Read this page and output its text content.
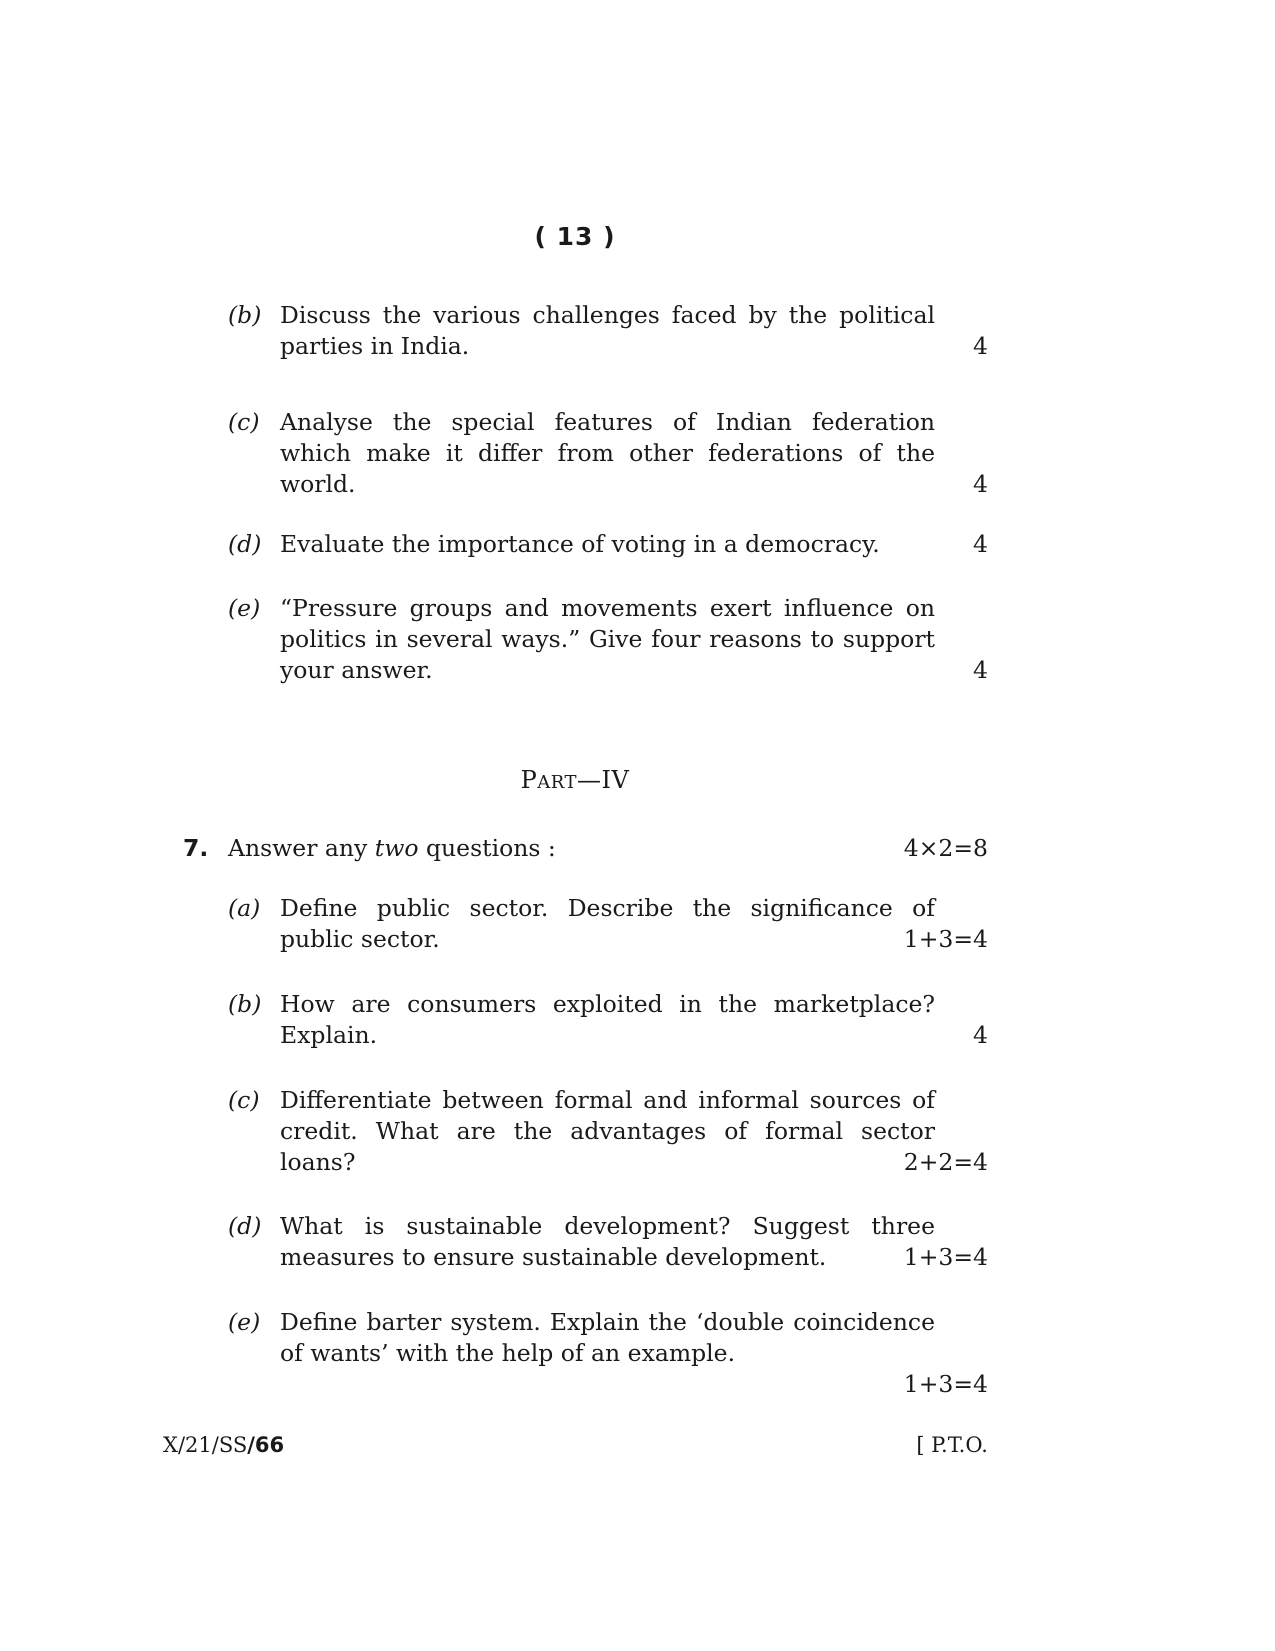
( 13 )
(b) Discuss the various challenges faced by the political parties in India.	4
(c) Analyse the special features of Indian federation which make it differ from other federations of the world.	4
(d) Evaluate the importance of voting in a democracy.	4
(e) “Pressure groups and movements exert influence on politics in several ways.” Give four reasons to support your answer.	4
PART—IV
7. Answer any two questions :	4×2=8
(a) Define public sector. Describe the significance of public sector.	1+3=4
(b) How are consumers exploited in the marketplace? Explain.	4
(c) Differentiate between formal and informal sources of credit. What are the advantages of formal sector loans?	2+2=4
(d) What is sustainable development? Suggest three measures to ensure sustainable development.	1+3=4
(e) Define barter system. Explain the ‘double coincidence of wants’ with the help of an example.
1+3=4
X/21/SS/66	[ P.T.O.
